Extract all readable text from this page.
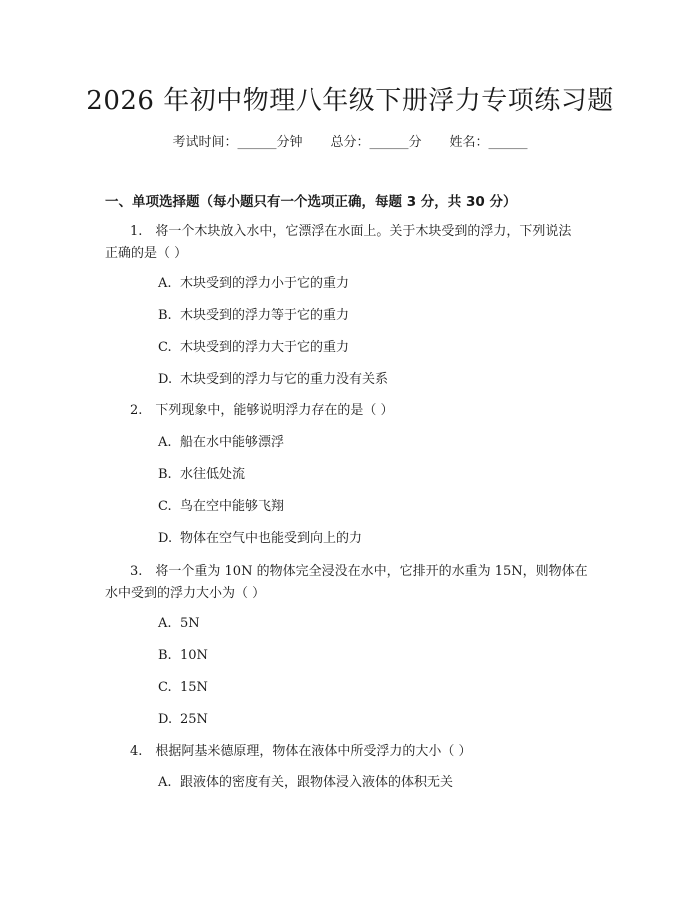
2026 年初中物理八年级下册浮力专项练习题
考试时间：______分钟 总分：______分 姓名：______
一、单项选择题（每小题只有一个选项正确，每题 3 分，共 30 分）
1.　将一个木块放入水中，它漂浮在水面上。关于木块受到的浮力，下列说法
正确的是（ ）
A. 木块受到的浮力小于它的重力
B. 木块受到的浮力等于它的重力
C. 木块受到的浮力大于它的重力
D. 木块受到的浮力与它的重力没有关系
2.　下列现象中，能够说明浮力存在的是（ ）
A. 船在水中能够漂浮
B. 水往低处流
C. 鸟在空中能够飞翔
D. 物体在空气中也能受到向上的力
3.　将一个重为 10N 的物体完全浸没在水中，它排开的水重为 15N，则物体在
水中受到的浮力大小为（ ）
A. 5N
B. 10N
C. 15N
D. 25N
4.　根据阿基米德原理，物体在液体中所受浮力的大小（ ）
A. 跟液体的密度有关，跟物体浸入液体的体积无关
